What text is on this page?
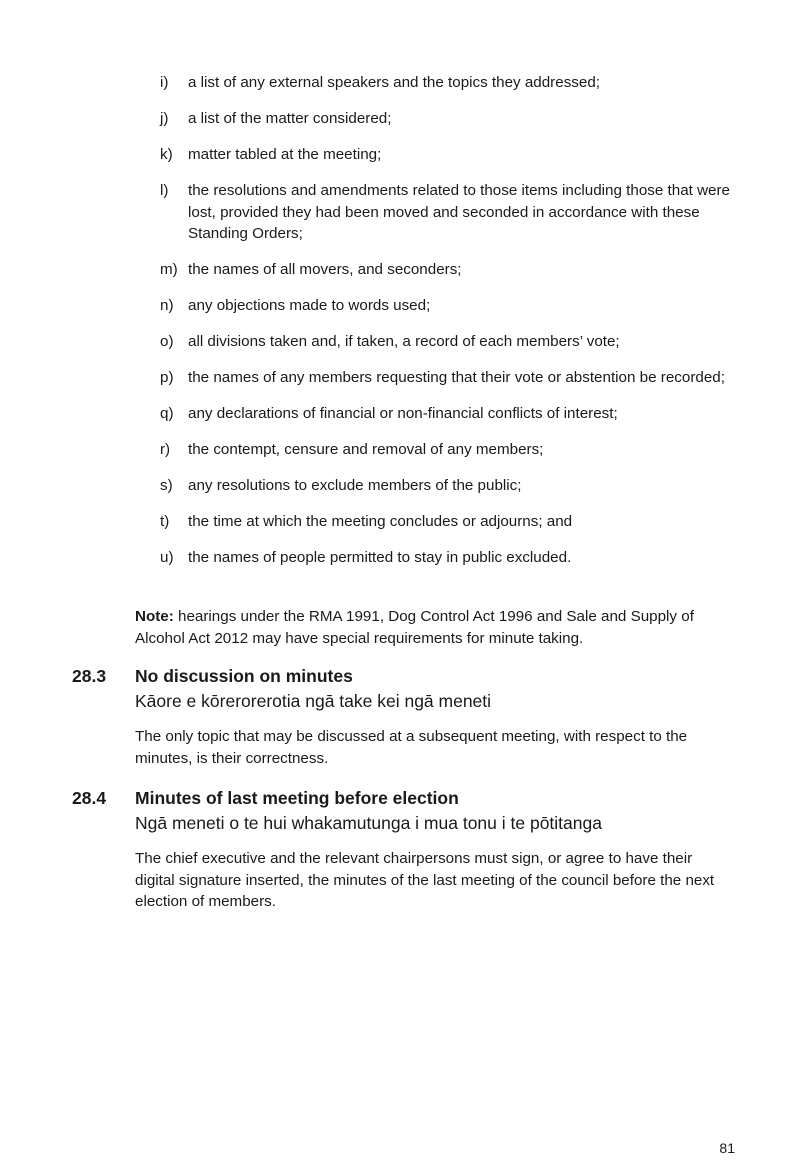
i)	a list of any external speakers and the topics they addressed;
j)	a list of the matter considered;
k)	matter tabled at the meeting;
l)	the resolutions and amendments related to those items including those that were lost, provided they had been moved and seconded in accordance with these Standing Orders;
m) the names of all movers, and seconders;
n) any objections made to words used;
o) all divisions taken and, if taken, a record of each members’ vote;
p) the names of any members requesting that their vote or abstention be recorded;
q) any declarations of financial or non-financial conflicts of interest;
r)	the contempt, censure and removal of any members;
s)	any resolutions to exclude members of the public;
t)	the time at which the meeting concludes or adjourns; and
u) the names of people permitted to stay in public excluded.

Note: hearings under the RMA 1991, Dog Control Act 1996 and Sale and Supply of Alcohol Act 2012 may have special requirements for minute taking.

28.3	No discussion on minutes

Kāore e kōrerorerotia ngā take kei ngā meneti

The only topic that may be discussed at a subsequent meeting, with respect to the minutes, is their correctness.

28.4	Minutes of last meeting before election

Ngā meneti o te hui whakamutunga i mua tonu i te pōtitanga

The chief executive and the relevant chairpersons must sign, or agree to have their digital signature inserted, the minutes of the last meeting of the council before the next election of members.

81
